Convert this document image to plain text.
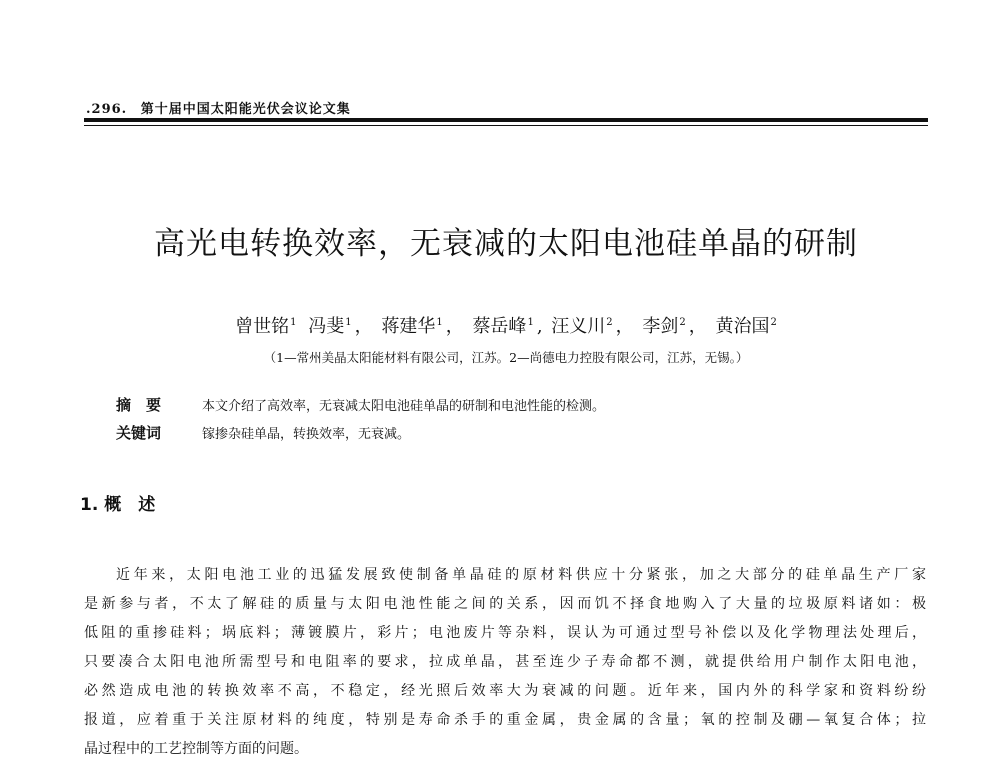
.296. 第十届中国太阳能光伏会议论文集
高光电转换效率，无衰减的太阳电池硅单晶的研制
曾世铭$^1$ 冯斐$^1$ ， 蒋建华$^1$ ， 蔡岳峰$^1$ , 汪义川$^2$ ， 李剑$^2$ ， 黄治国$^2$
（1—常州美晶太阳能材料有限公司，江苏。2—尚德电力控股有限公司，江苏，无锡。）
摘　要	本文介绍了高效率，无衰减太阳电池硅单晶的研制和电池性能的检测。
关键词	镓掺杂硅单晶，转换效率，无衰减。
1. 概　述
近年来，太阳电池工业的迅猛发展致使制备单晶硅的原材料供应十分紧张，加之大部分的硅单晶生产厂家
是新参与者，不太了解硅的质量与太阳电池性能之间的关系，因而饥不择食地购入了大量的垃圾原料诸如：极
低阻的重掺硅料；埚底料；薄镀膜片，彩片；电池废片等杂料，误认为可通过型号补偿以及化学物理法处理后，
只要凑合太阳电池所需型号和电阻率的要求，拉成单晶，甚至连少子寿命都不测，就提供给用户制作太阳电池，
必然造成电池的转换效率不高，不稳定，经光照后效率大为衰减的问题。近年来，国内外的科学家和资料纷纷
报道，应着重于关注原材料的纯度，特别是寿命杀手的重金属，贵金属的含量；氧的控制及硼—氧复合体；拉
晶过程中的工艺控制等方面的问题。
